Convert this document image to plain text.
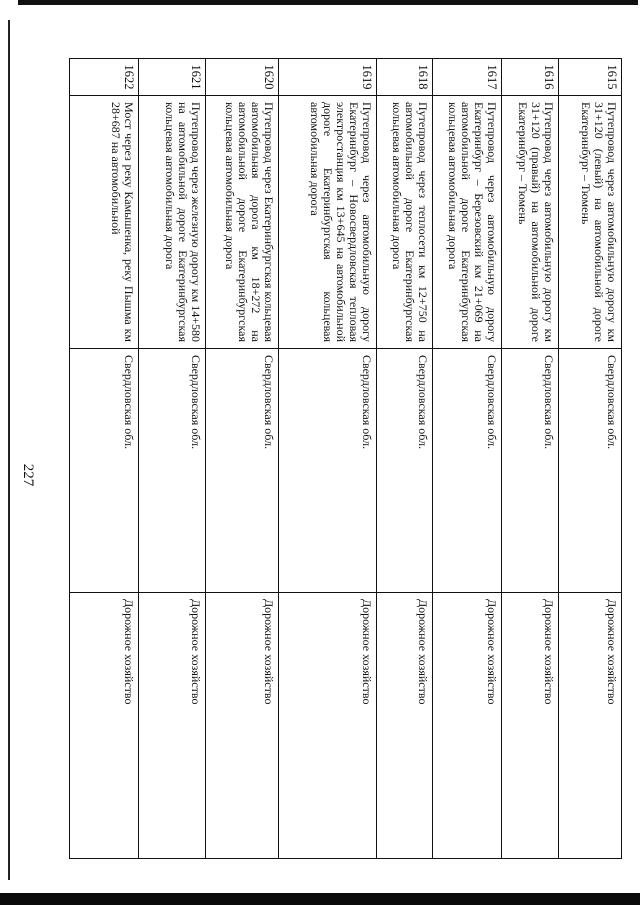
227
1615	Путепровод через автомобильную дорогу км 31+120 (левый) на автомобильной дороге Екатеринбург – Тюмень	Свердловская обл.	Дорожное хозяйство
1616	Путепровод через автомобильную дорогу км 31+120 (правый) на автомобильной дороге Екатеринбург – Тюмень	Свердловская обл.	Дорожное хозяйство
1617	Путепровод через автомобильную дорогу Екатеринбург – Березовский км 21+069 на автомобильной дороге Екатеринбургская кольцевая автомобильная дорога	Свердловская обл.	Дорожное хозяйство
1618	Путепровод через теплосети км 12+750 на автомобильной дороге Екатеринбургская кольцевая автомобильная дорога	Свердловская обл.	Дорожное хозяйство
1619	Путепровод через автомобильную дорогу Екатеринбург – Новосвердловская тепловая электростанция км 13+645 на автомобильной дороге Екатеринбургская кольцевая автомобильная дорога	Свердловская обл.	Дорожное хозяйство
1620	Путепровод через Екатеринбургская кольцевая автомобильная дорога км 18+272 на автомобильной дороге Екатеринбургская кольцевая автомобильная дорога	Свердловская обл.	Дорожное хозяйство
1621	Путепровод через железную дорогу км 14+580 на автомобильной дороге Екатеринбургская кольцевая автомобильная дорога	Свердловская обл.	Дорожное хозяйство
1622	Мост через реку Камышенка, реку Пышма км 28+687 на автомобильной	Свердловская обл.	Дорожное хозяйство
